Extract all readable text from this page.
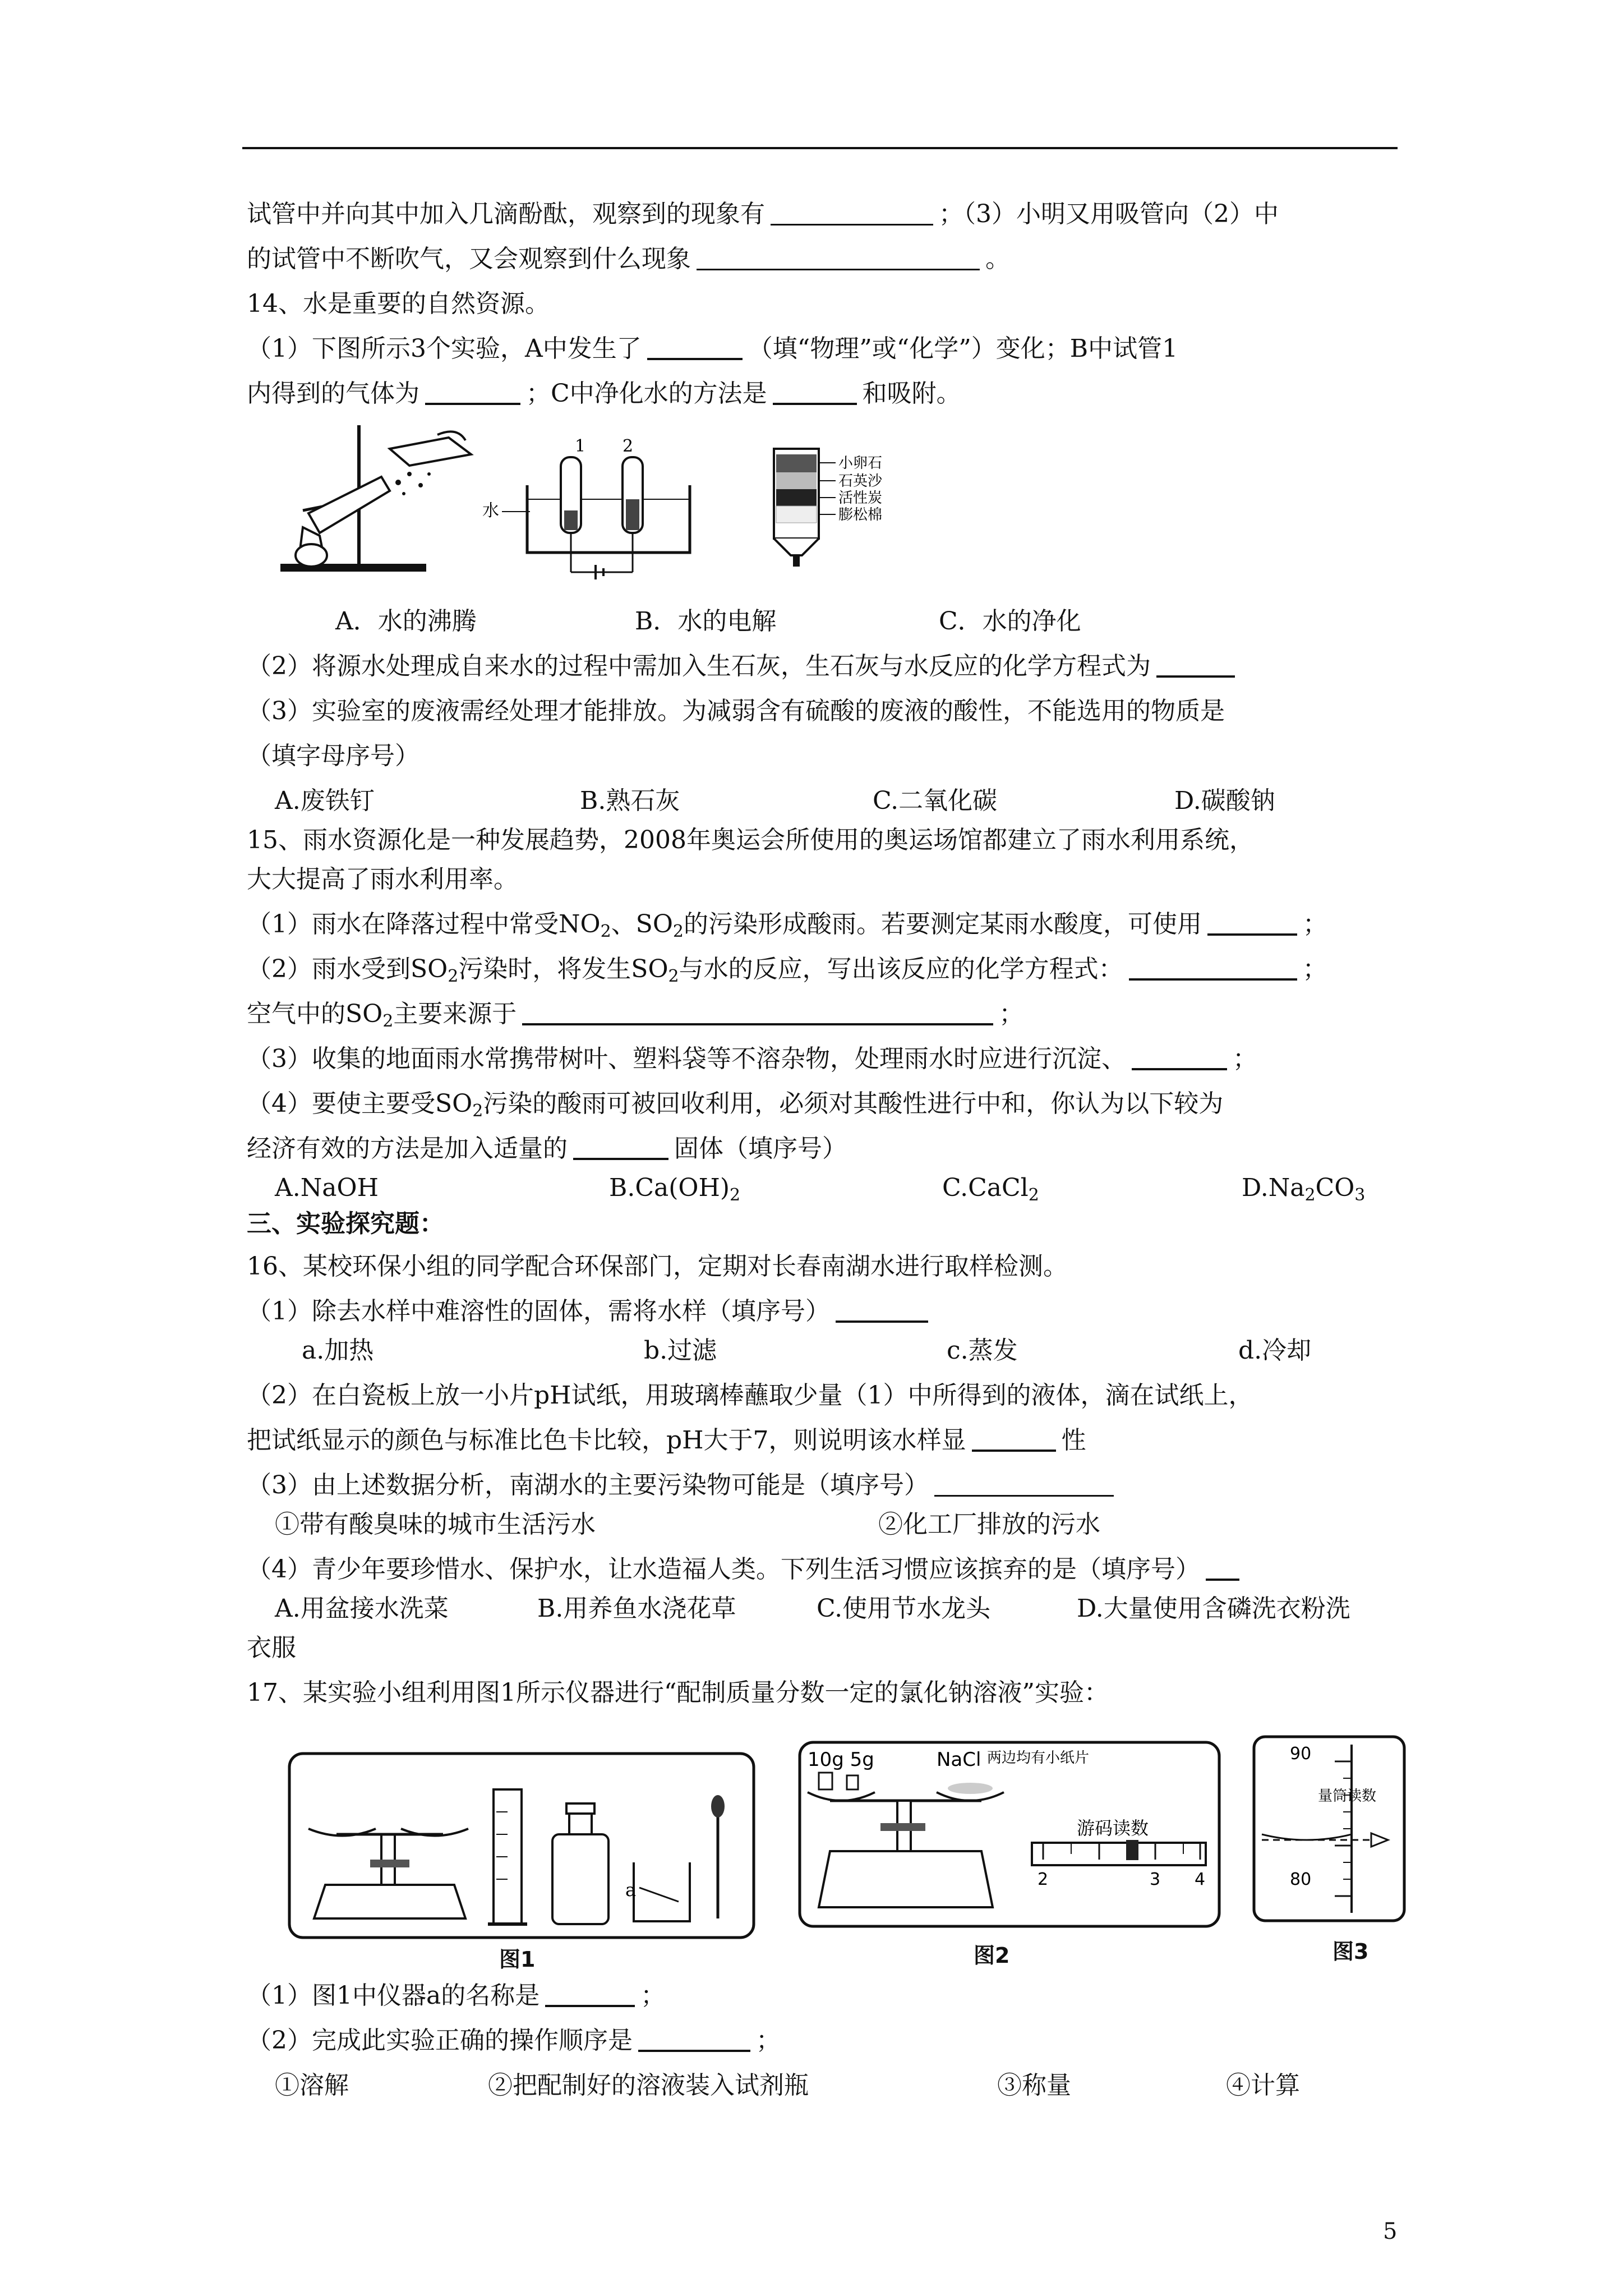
试管中并向其中加入几滴酚酞，观察到的现象有	；（3）小明又用吸管向（2）中
的试管中不断吹气，又会观察到什么现象	。
14、水是重要的自然资源。
（1）下图所示3个实验，A中发生了	（填“物理”或“化学”）变化；B中试管1
内得到的气体为	；C中净化水的方法是	和吸附。
1 2
水
小卵石
石英沙
活性炭
膨松棉
A．水的沸腾	B．水的电解	C．水的净化
（2）将源水处理成自来水的过程中需加入生石灰，生石灰与水反应的化学方程式为
（3）实验室的废液需经处理才能排放。为减弱含有硫酸的废液的酸性，不能选用的物质是
（填字母序号）
A.废铁钉	B.熟石灰	C.二氧化碳	D.碳酸钠
15、雨水资源化是一种发展趋势，2008年奥运会所使用的奥运场馆都建立了雨水利用系统，
大大提高了雨水利用率。
（1）雨水在降落过程中常受$NO_2$、$SO_2$的污染形成酸雨。若要测定某雨水酸度，可使用	；
（2）雨水受到$SO_2$污染时，将发生$SO_2$与水的反应，写出该反应的化学方程式：	；
空气中的$SO_2$主要来源于	；
（3）收集的地面雨水常携带树叶、塑料袋等不溶杂物，处理雨水时应进行沉淀、	；
（4）要使主要受$SO_2$污染的酸雨可被回收利用，必须对其酸性进行中和，你认为以下较为
经济有效的方法是加入适量的	固体（填序号）
A.NaOH	$B.Ca(OH)_2$	C.CaCl$_2$	$D.Na_2CO_3$
三、实验探究题：
16、某校环保小组的同学配合环保部门，定期对长春南湖水进行取样检测。
（1）除去水样中难溶性的固体，需将水样（填序号）
a.加热	b.过滤	c.蒸发	d.冷却
（2）在白瓷板上放一小片pH试纸，用玻璃棒蘸取少量（1）中所得到的液体，滴在试纸上，
把试纸显示的颜色与标准比色卡比较，pH大于7，则说明该水样显	性
（3）由上述数据分析，南湖水的主要污染物可能是（填序号）
①带有酸臭味的城市生活污水	②化工厂排放的污水
（4）青少年要珍惜水、保护水，让水造福人类。下列生活习惯应该摈弃的是（填序号）
A.用盆接水洗菜	B.用养鱼水浇花草	C.使用节水龙头	D.大量使用含磷洗衣粉洗
衣服
17、某实验小组利用图1所示仪器进行“配制质量分数一定的氯化钠溶液”实验：
a
10g 5g	NaCl 两边均有小纸片
游码读数
2	3 4
90
80
量筒读数
图1	图2	图3
（1）图1中仪器a的名称是	；
（2）完成此实验正确的操作顺序是	；
①溶解	②把配制好的溶液装入试剂瓶	③称量	④计算
5
